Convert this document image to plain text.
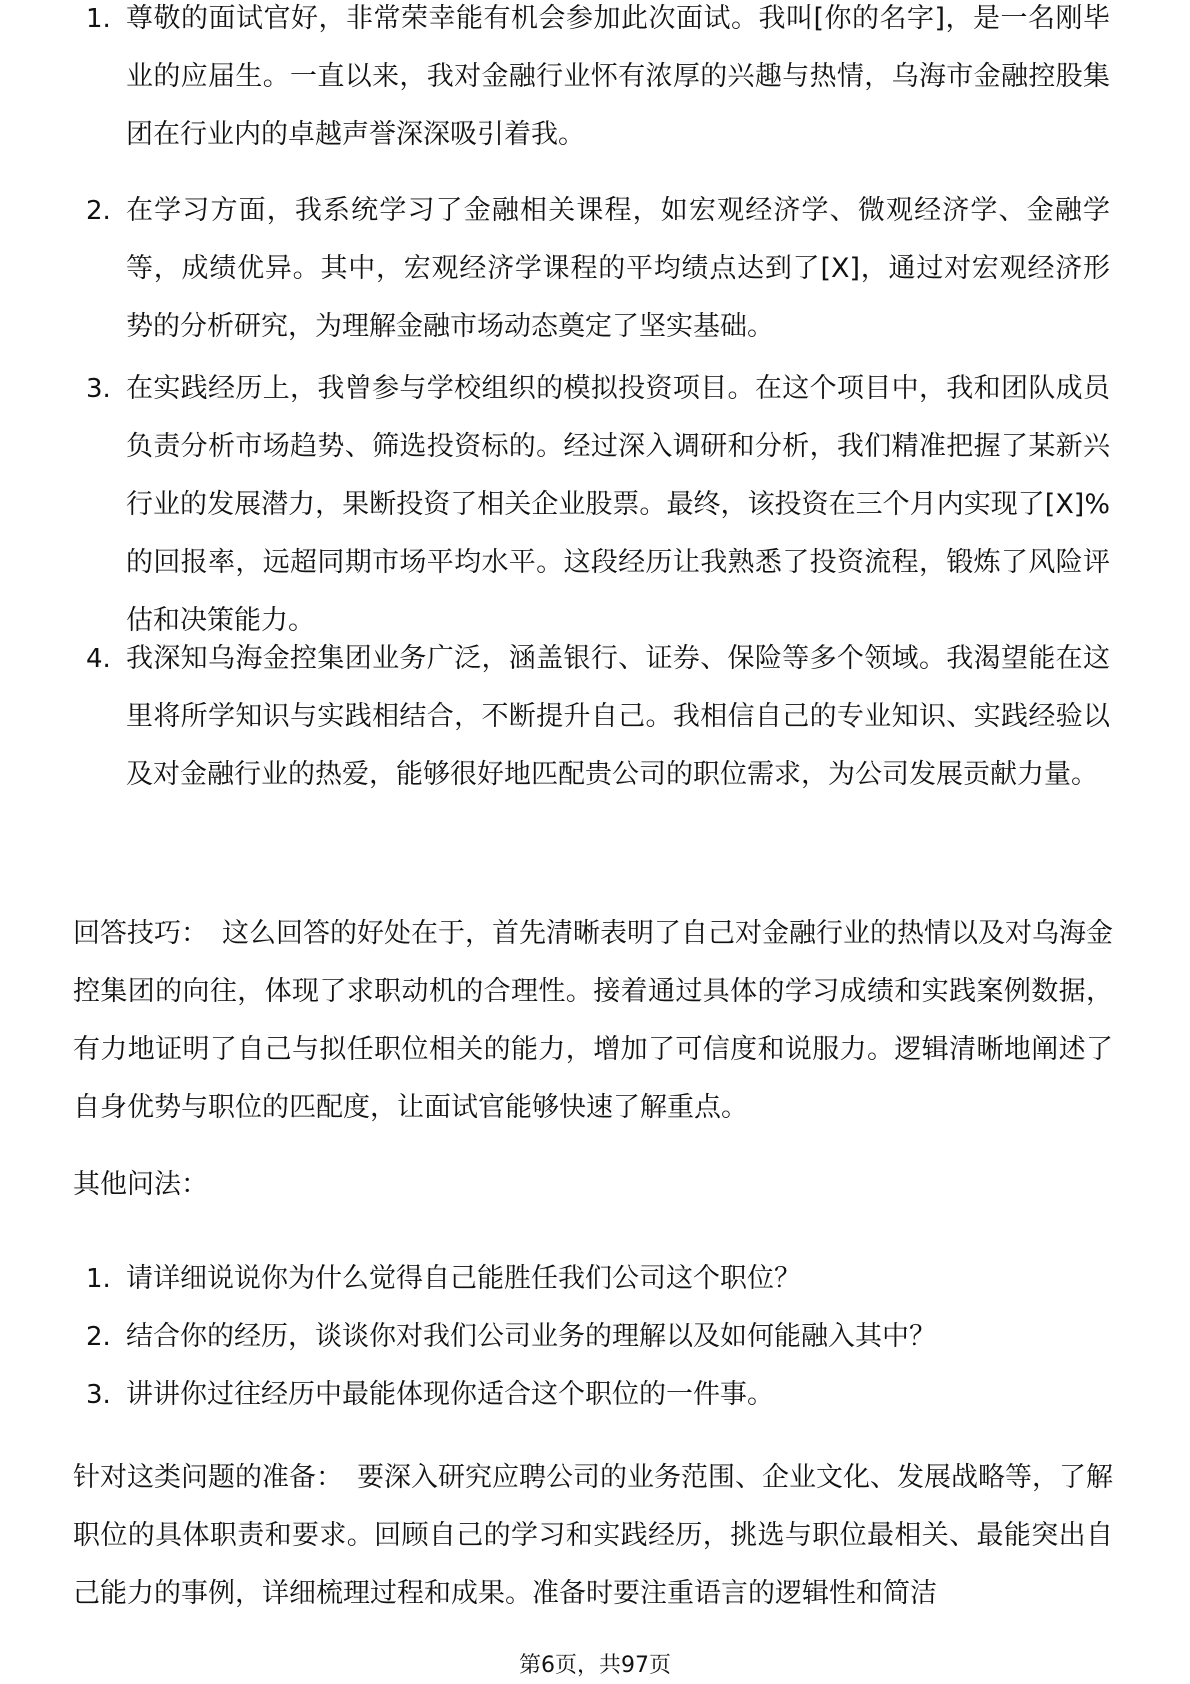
1. 尊敬的面试官好，非常荣幸能有机会参加此次面试。我叫[你的名字]，是一名刚毕业的应届生。一直以来，我对金融行业怀有浓厚的兴趣与热情，乌海市金融控股集团在行业内的卓越声誉深深吸引着我。
2. 在学习方面，我系统学习了金融相关课程，如宏观经济学、微观经济学、金融学等，成绩优异。其中，宏观经济学课程的平均绩点达到了[X]，通过对宏观经济形势的分析研究，为理解金融市场动态奠定了坚实基础。
3. 在实践经历上，我曾参与学校组织的模拟投资项目。在这个项目中，我和团队成员负责分析市场趋势、筛选投资标的。经过深入调研和分析，我们精准把握了某新兴行业的发展潜力，果断投资了相关企业股票。最终，该投资在三个月内实现了[X]%的回报率，远超同期市场平均水平。这段经历让我熟悉了投资流程，锻炼了风险评估和决策能力。
4. 我深知乌海金控集团业务广泛，涵盖银行、证券、保险等多个领域。我渴望能在这里将所学知识与实践相结合，不断提升自己。我相信自己的专业知识、实践经验以及对金融行业的热爱，能够很好地匹配贵公司的职位需求，为公司发展贡献力量。

回答技巧： 这么回答的好处在于，首先清晰表明了自己对金融行业的热情以及对乌海金控集团的向往，体现了求职动机的合理性。接着通过具体的学习成绩和实践案例数据，有力地证明了自己与拟任职位相关的能力，增加了可信度和说服力。逻辑清晰地阐述了自身优势与职位的匹配度，让面试官能够快速了解重点。

其他问法：

1. 请详细说说你为什么觉得自己能胜任我们公司这个职位？
2. 结合你的经历，谈谈你对我们公司业务的理解以及如何能融入其中？
3. 讲讲你过往经历中最能体现你适合这个职位的一件事。

针对这类问题的准备： 要深入研究应聘公司的业务范围、企业文化、发展战略等，了解职位的具体职责和要求。回顾自己的学习和实践经历，挑选与职位最相关、最能突出自己能力的事例，详细梳理过程和成果。准备时要注重语言的逻辑性和简洁

第6页，共97页
